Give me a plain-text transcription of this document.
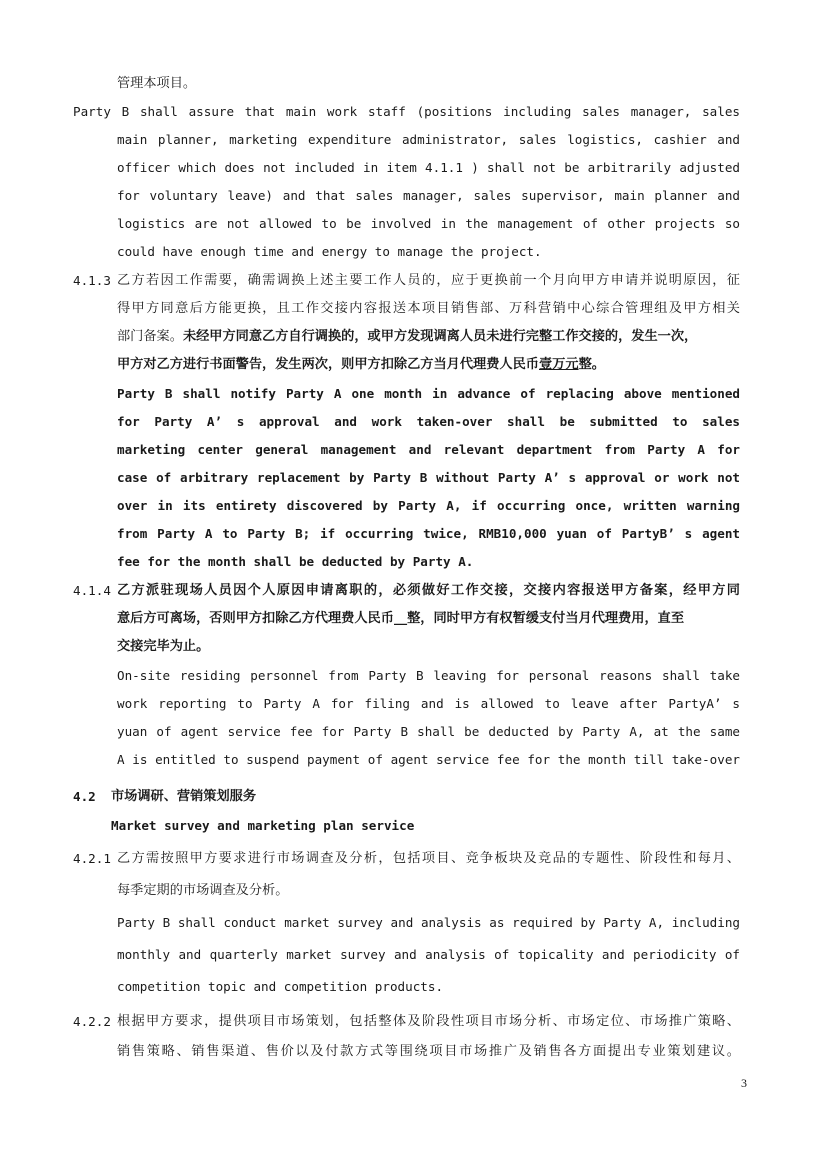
管理本项目。
Party B shall assure that main work staff (positions including sales manager, sales
main planner, marketing expenditure administrator, sales logistics, cashier and
officer which does not included in item 4.1.1 ) shall not be arbitrarily adjusted
for voluntary leave) and that sales manager, sales supervisor, main planner and
logistics are not allowed to be involved in the management of other projects so
could have enough time and energy to manage the project.
4.1.3 乙方若因工作需要，确需调换上述主要工作人员的，应于更换前一个月向甲方申请并说明原因，征
得甲方同意后方能更换，且工作交接内容报送本项目销售部、万科营销中心综合管理组及甲方相关
部门备案。未经甲方同意乙方自行调换的，或甲方发现调离人员未进行完整工作交接的，发生一次，
甲方对乙方进行书面警告，发生两次，则甲方扣除乙方当月代理费人民币壹万元整。
Party B shall notify Party A one month in advance of replacing above mentioned
for Party A’ s approval and work taken-over shall be submitted to sales
marketing center general management and relevant department from Party A for
case of arbitrary replacement by Party B without Party A’ s approval or work not
over in its entirety discovered by Party A, if occurring once, written warning
from Party A to Party B; if occurring twice, RMB10,000 yuan of PartyB’ s agent
fee for the month shall be deducted by Party A.
4.1.4 乙方派驻现场人员因个人原因申请离职的，必须做好工作交接，交接内容报送甲方备案，经甲方同
意后方可离场，否则甲方扣除乙方代理费人民币__整，同时甲方有权暂缓支付当月代理费用，直至
交接完毕为止。
On-site residing personnel from Party B leaving for personal reasons shall take
work reporting to Party A for filing and is allowed to leave after PartyA’ s
yuan of agent service fee for Party B shall be deducted by Party A, at the same
A is entitled to suspend payment of agent service fee for the month till take-over
4.2 市场调研、营销策划服务
Market survey and marketing plan service
4.2.1 乙方需按照甲方要求进行市场调查及分析，包括项目、竞争板块及竞品的专题性、阶段性和每月、
每季定期的市场调查及分析。
Party B shall conduct market survey and analysis as required by Party A, including
monthly and quarterly market survey and analysis of topicality and periodicity of
competition topic and competition products.
4.2.2 根据甲方要求，提供项目市场策划，包括整体及阶段性项目市场分析、市场定位、市场推广策略、
销售策略、销售渠道、售价以及付款方式等围绕项目市场推广及销售各方面提出专业策划建议。
3
